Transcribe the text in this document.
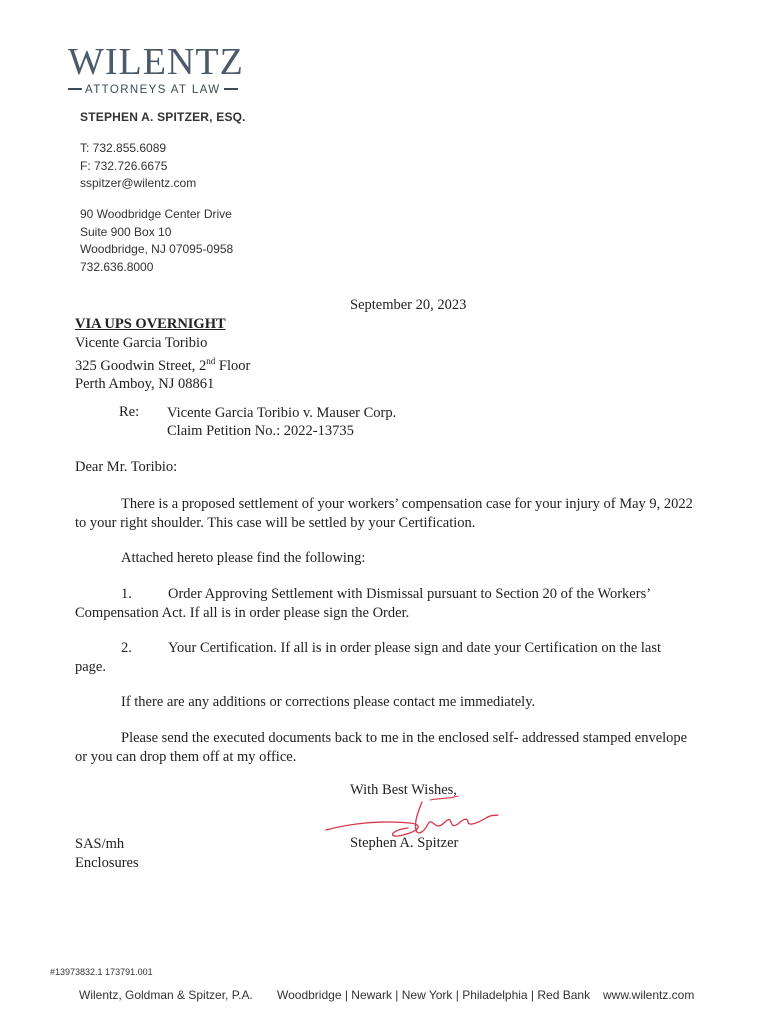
WILENTZ
ATTORNEYS AT LAW
STEPHEN A. SPITZER, ESQ.
T: 732.855.6089
F: 732.726.6675
sspitzer@wilentz.com
90 Woodbridge Center Drive
Suite 900 Box 10
Woodbridge, NJ 07095-0958
732.636.8000
September 20, 2023
VIA UPS OVERNIGHT
Vicente Garcia Toribio
325 Goodwin Street, 2nd Floor
Perth Amboy, NJ 08861
Re: Vicente Garcia Toribio v. Mauser Corp.
Claim Petition No.: 2022-13735
Dear Mr. Toribio:
There is a proposed settlement of your workers’ compensation case for your injury of May 9, 2022 to your right shoulder. This case will be settled by your Certification.
Attached hereto please find the following:
1. Order Approving Settlement with Dismissal pursuant to Section 20 of the Workers’ Compensation Act. If all is in order please sign the Order.
2. Your Certification. If all is in order please sign and date your Certification on the last page.
If there are any additions or corrections please contact me immediately.
Please send the executed documents back to me in the enclosed self- addressed stamped envelope or you can drop them off at my office.
With Best Wishes,
Stephen A. Spitzer
SAS/mh
Enclosures
#13973832.1 173791.001
Wilentz, Goldman & Spitzer, P.A. Woodbridge | Newark | New York | Philadelphia | Red Bank www.wilentz.com
